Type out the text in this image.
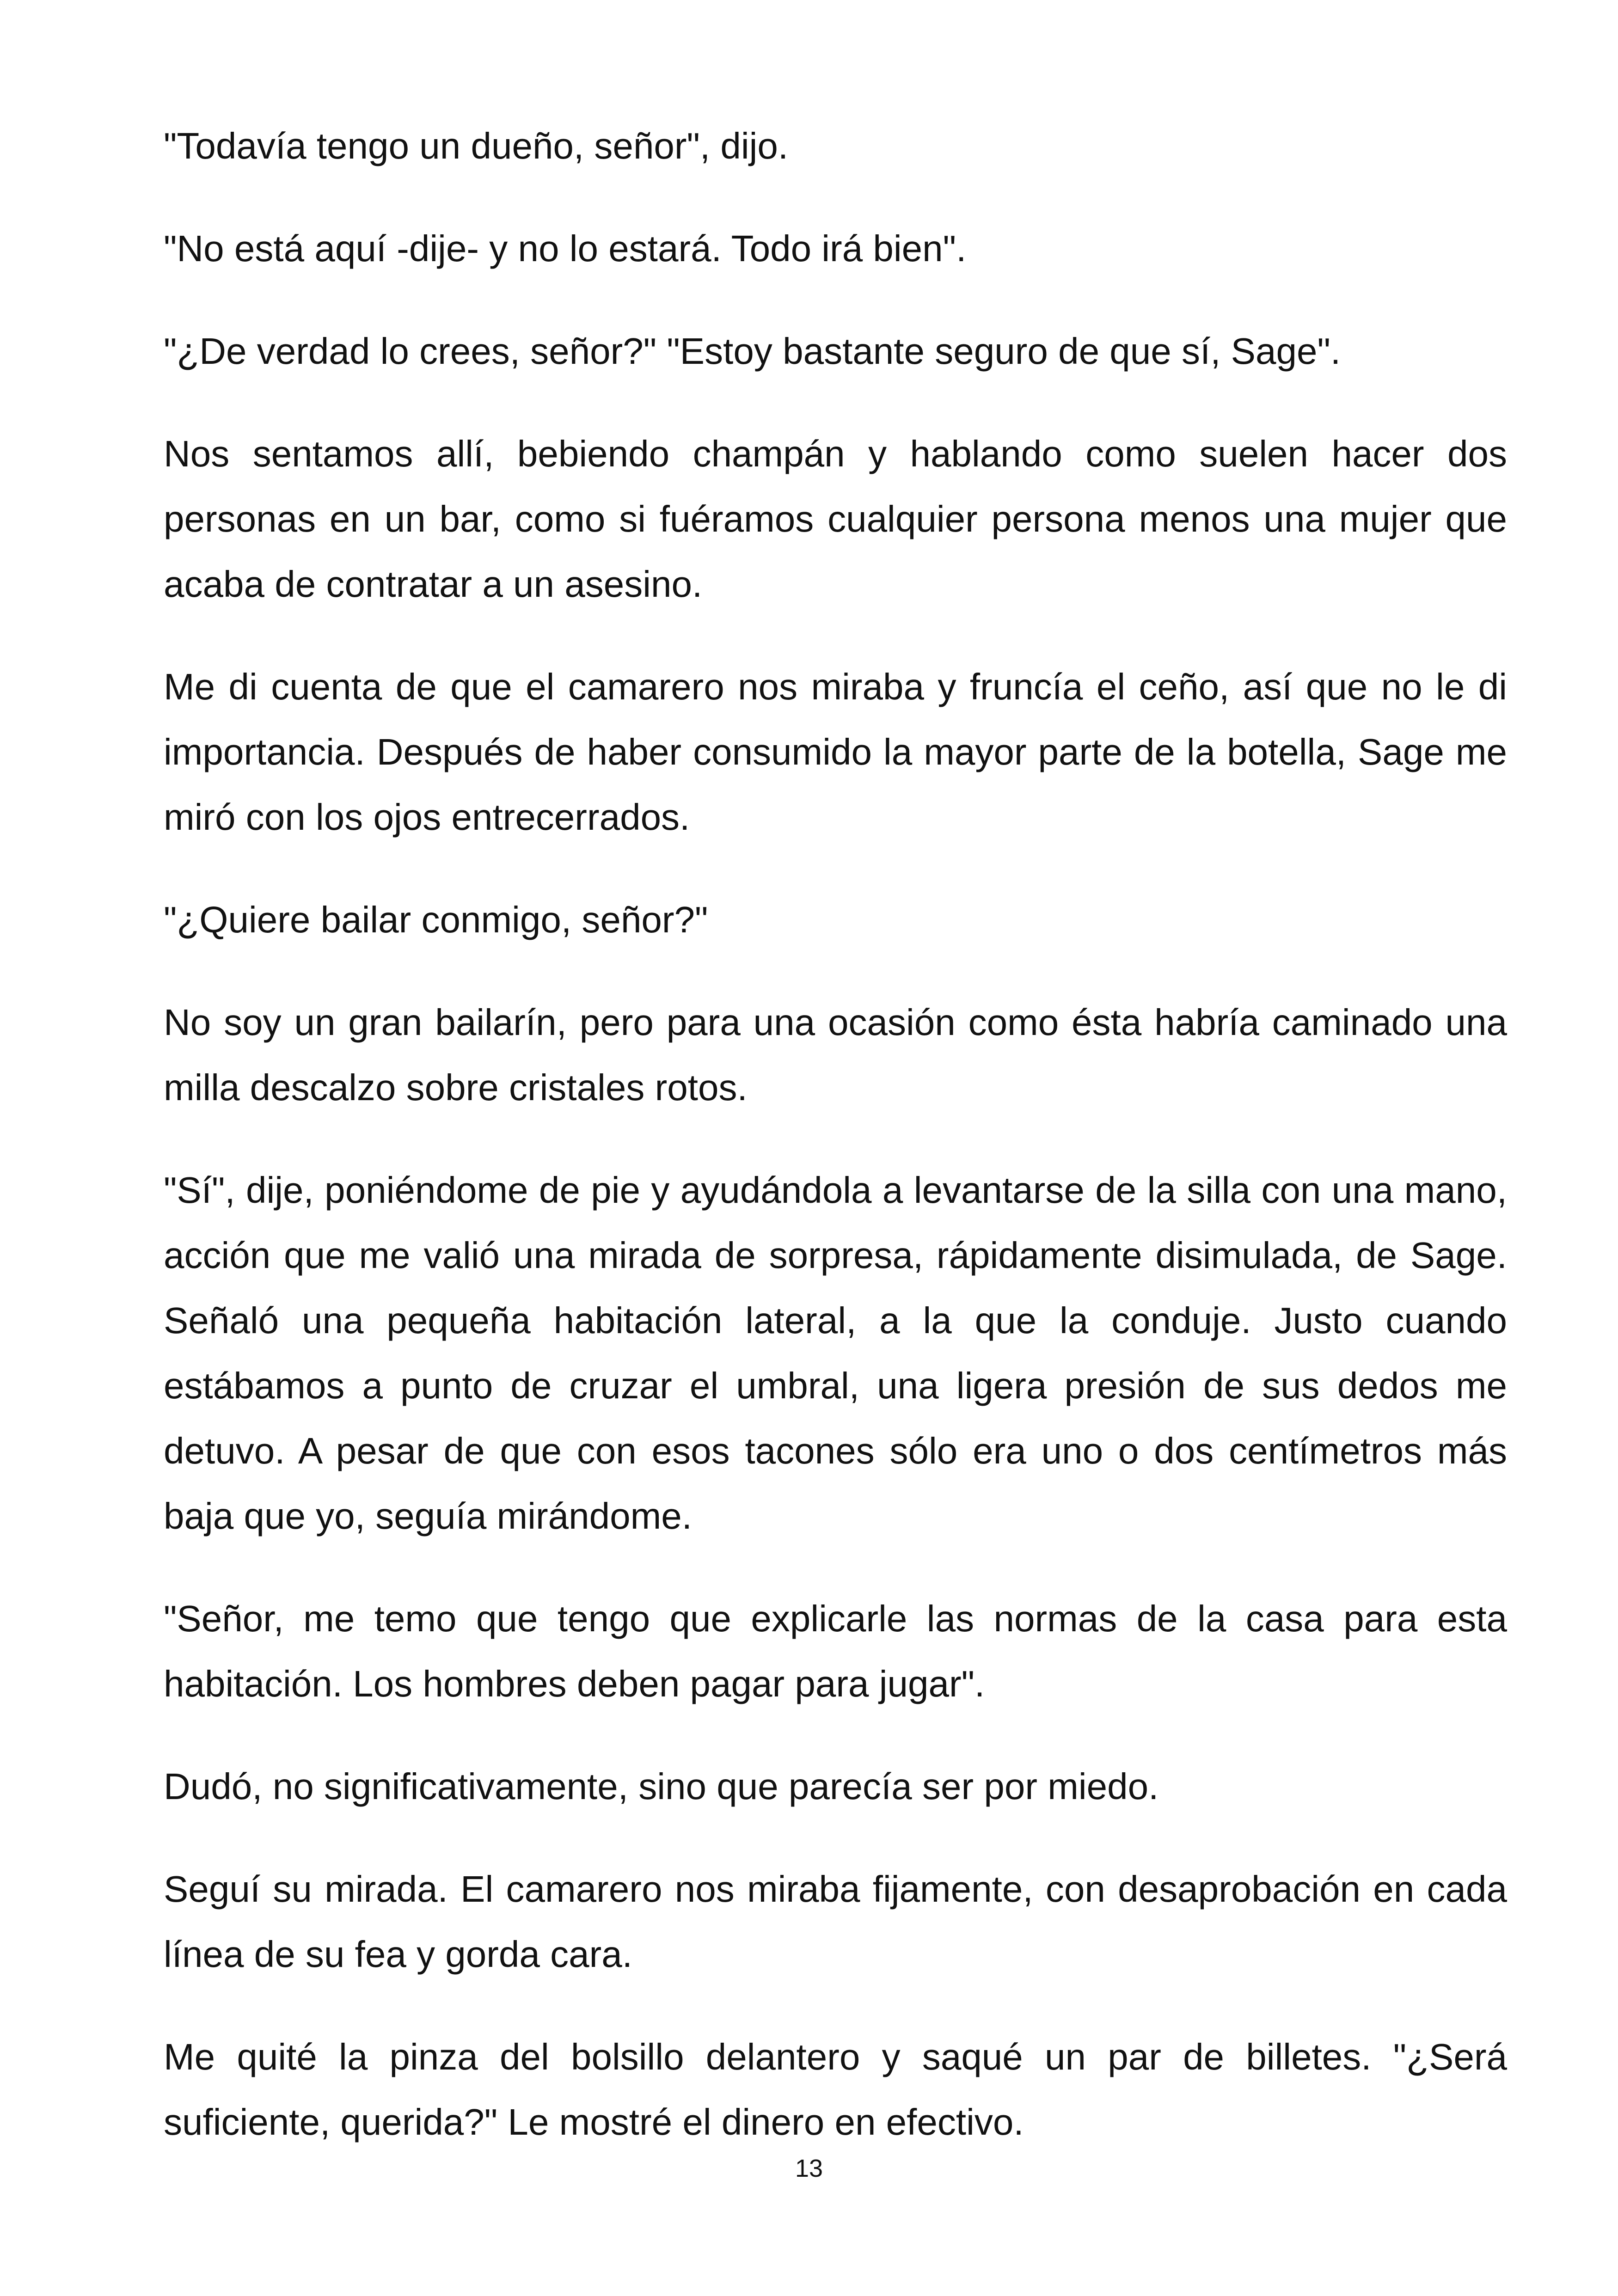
"Todavía tengo un dueño, señor", dijo.

"No está aquí -dije- y no lo estará. Todo irá bien".

"¿De verdad lo crees, señor?" "Estoy bastante seguro de que sí, Sage".

Nos sentamos allí, bebiendo champán y hablando como suelen hacer dos personas en un bar, como si fuéramos cualquier persona menos una mujer que acaba de contratar a un asesino.

Me di cuenta de que el camarero nos miraba y fruncía el ceño, así que no le di importancia. Después de haber consumido la mayor parte de la botella, Sage me miró con los ojos entrecerrados.

"¿Quiere bailar conmigo, señor?"

No soy un gran bailarín, pero para una ocasión como ésta habría caminado una milla descalzo sobre cristales rotos.

"Sí", dije, poniéndome de pie y ayudándola a levantarse de la silla con una mano, acción que me valió una mirada de sorpresa, rápidamente disimulada, de Sage. Señaló una pequeña habitación lateral, a la que la conduje. Justo cuando estábamos a punto de cruzar el umbral, una ligera presión de sus dedos me detuvo. A pesar de que con esos tacones sólo era uno o dos centímetros más baja que yo, seguía mirándome.

"Señor, me temo que tengo que explicarle las normas de la casa para esta habitación. Los hombres deben pagar para jugar".

Dudó, no significativamente, sino que parecía ser por miedo.

Seguí su mirada. El camarero nos miraba fijamente, con desaprobación en cada línea de su fea y gorda cara.

Me quité la pinza del bolsillo delantero y saqué un par de billetes. "¿Será suficiente, querida?" Le mostré el dinero en efectivo.

13
